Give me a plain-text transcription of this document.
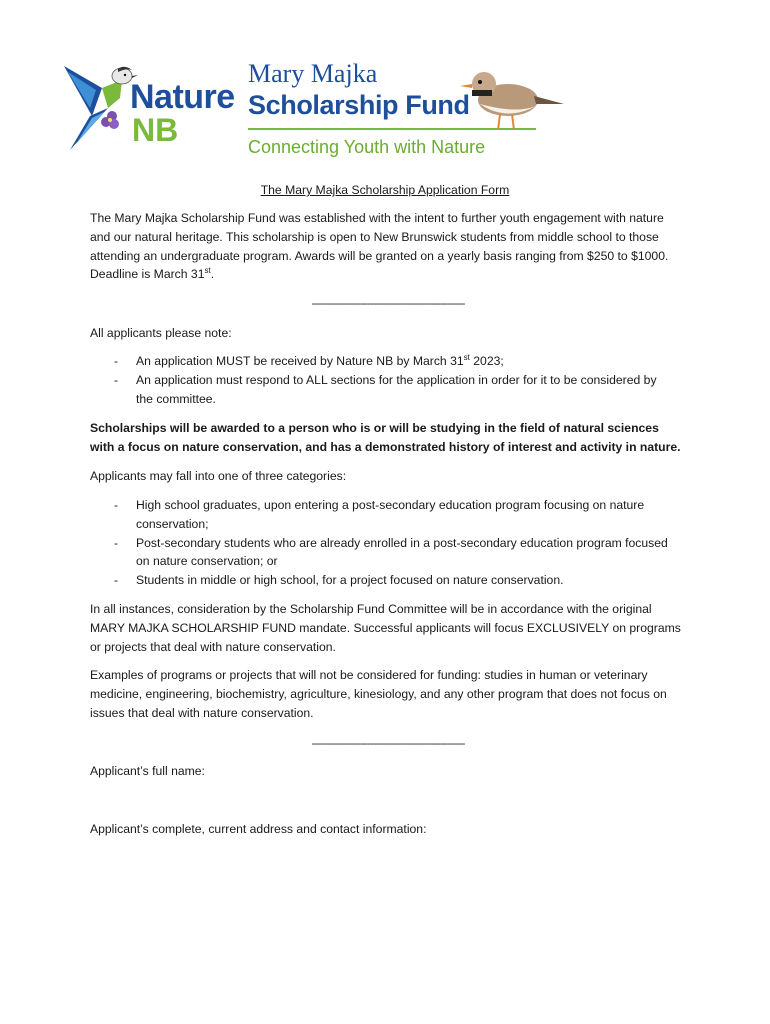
Nature
NB
Mary Majka
Scholarship Fund
Connecting Youth with Nature
The Mary Majka Scholarship Application Form
The Mary Majka Scholarship Fund was established with the intent to further youth engagement with nature and our natural heritage. This scholarship is open to New Brunswick students from middle school to those attending an undergraduate program. Awards will be granted on a yearly basis ranging from $250 to $1000. Deadline is March 31st.
--------------------------------------------------
All applicants please note:
- An application MUST be received by Nature NB by March 31st 2023;
- An application must respond to ALL sections for the application in order for it to be considered by the committee.
Scholarships will be awarded to a person who is or will be studying in the field of natural sciences with a focus on nature conservation, and has a demonstrated history of interest and activity in nature.
Applicants may fall into one of three categories:
- High school graduates, upon entering a post-secondary education program focusing on nature conservation;
- Post-secondary students who are already enrolled in a post-secondary education program focused on nature conservation; or
- Students in middle or high school, for a project focused on nature conservation.
In all instances, consideration by the Scholarship Fund Committee will be in accordance with the original MARY MAJKA SCHOLARSHIP FUND mandate. Successful applicants will focus EXCLUSIVELY on programs or projects that deal with nature conservation.
Examples of programs or projects that will not be considered for funding: studies in human or veterinary medicine, engineering, biochemistry, agriculture, kinesiology, and any other program that does not focus on issues that deal with nature conservation.
--------------------------------------------------
Applicant’s full name:
Applicant’s complete, current address and contact information:
